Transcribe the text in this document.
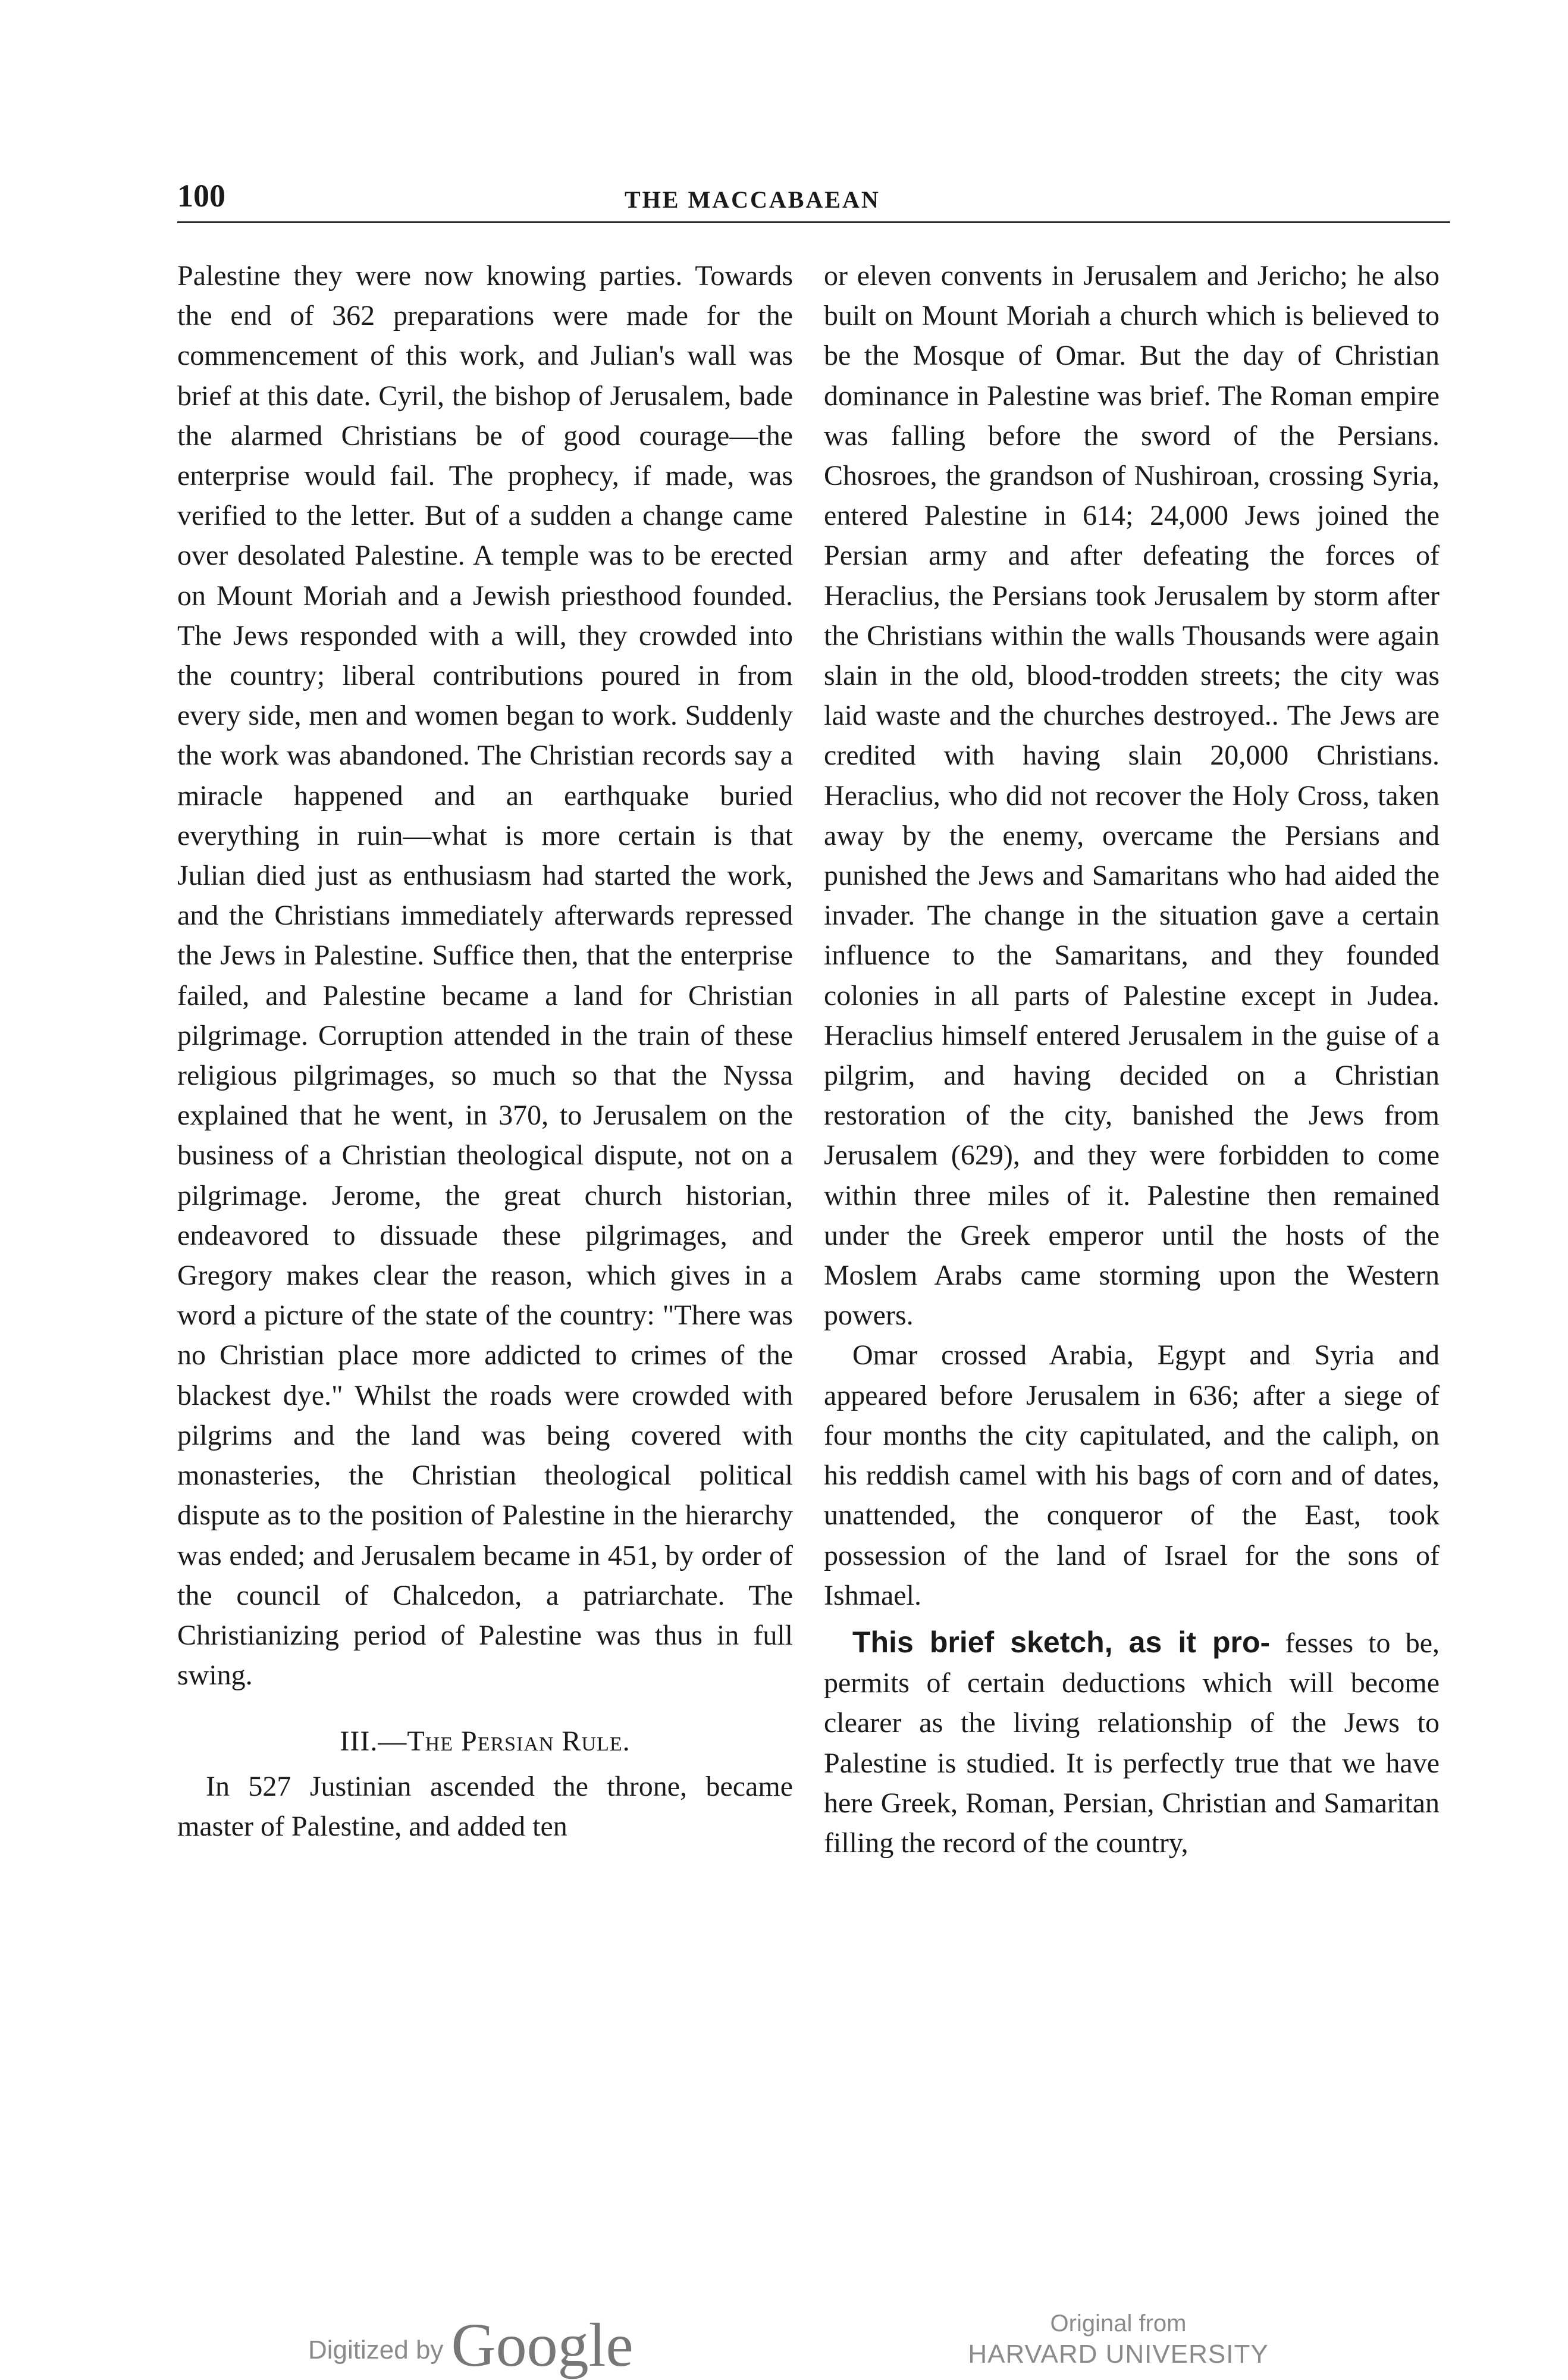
100	THE MACCABAEAN

Palestine they were now knowing parties. Towards the end of 362 preparations were made for the commencement of this work, and Julian's wall was brief at this date. Cyril, the bishop of Jerusalem, bade the alarmed Christians be of good courage—the enterprise would fail. The prophecy, if made, was verified to the letter. But of a sudden a change came over desolated Palestine. A temple was to be erected on Mount Moriah and a Jewish priesthood founded. The Jews responded with a will, they crowded into the country; liberal contributions poured in from every side, men and women began to work. Suddenly the work was abandoned. The Christian records say a miracle happened and an earthquake buried everything in ruin—what is more certain is that Julian died just as enthusiasm had started the work, and the Christians immediately afterwards repressed the Jews in Palestine. Suffice then, that the enterprise failed, and Palestine became a land for Christian pilgrimage. Corruption attended in the train of these religious pilgrimages, so much so that the Nyssa explained that he went, in 370, to Jerusalem on the business of a Christian theological dispute, not on a pilgrimage. Jerome, the great church historian, endeavored to dissuade these pilgrimages, and Gregory makes clear the reason, which gives in a word a picture of the state of the country: "There was no Christian place more addicted to crimes of the blackest dye." Whilst the roads were crowded with pilgrims and the land was being covered with monasteries, the Christian theological political dispute as to the position of Palestine in the hierarchy was ended; and Jerusalem became in 451, by order of the council of Chalcedon, a patriarchate. The Christianizing period of Palestine was thus in full swing.

III.—The Persian Rule.

In 527 Justinian ascended the throne, became master of Palestine, and added ten

or eleven convents in Jerusalem and Jericho; he also built on Mount Moriah a church which is believed to be the Mosque of Omar. But the day of Christian dominance in Palestine was brief. The Roman empire was falling before the sword of the Persians. Chosroes, the grandson of Nushiroan, crossing Syria, entered Palestine in 614; 24,000 Jews joined the Persian army and after defeating the forces of Heraclius, the Persians took Jerusalem by storm after the Christians within the walls Thousands were again slain in the old, blood-trodden streets; the city was laid waste and the churches destroyed.. The Jews are credited with having slain 20,000 Christians. Heraclius, who did not recover the Holy Cross, taken away by the enemy, overcame the Persians and punished the Jews and Samaritans who had aided the invader. The change in the situation gave a certain influence to the Samaritans, and they founded colonies in all parts of Palestine except in Judea. Heraclius himself entered Jerusalem in the guise of a pilgrim, and having decided on a Christian restoration of the city, banished the Jews from Jerusalem (629), and they were forbidden to come within three miles of it. Palestine then remained under the Greek emperor until the hosts of the Moslem Arabs came storming upon the Western powers.

Omar crossed Arabia, Egypt and Syria and appeared before Jerusalem in 636; after a siege of four months the city capitulated, and the caliph, on his reddish camel with his bags of corn and of dates, unattended, the conqueror of the East, took possession of the land of Israel for the sons of Ishmael.

This brief sketch, as it pro- fesses to be, permits of certain deductions which will become clearer as the living relationship of the Jews to Palestine is studied. It is perfectly true that we have here Greek, Roman, Persian, Christian and Samaritan filling the record of the country,

Digitized by Google	Original from
HARVARD UNIVERSITY
